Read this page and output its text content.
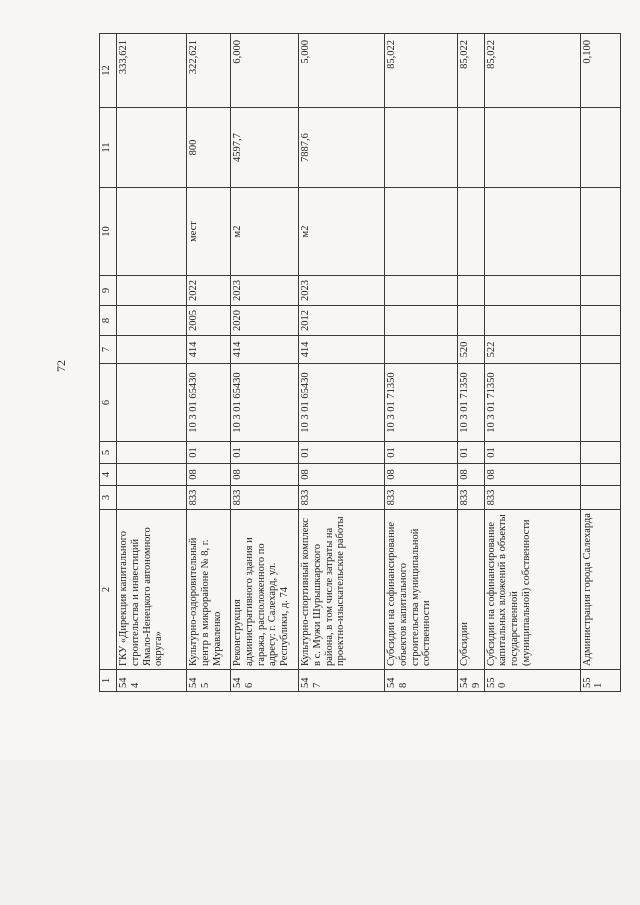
72
1	2	3	4	5	6	7	8	9	10	11	12
544	ГКУ «Дирекция капитального строительства и инвестиций Ямало-Ненецкого автономного округа»										333,621
545	Культурно-оздоровительный центр в микрорайоне № 8, г. Муравленко	833	08	01	10 3 01 65430	414	2005	2022	мест	800	322,621
546	Реконструкция административного здания и гаража, расположенного по адресу: г. Салехард, ул. Республики, д. 74	833	08	01	10 3 01 65430	414	2020	2023	м2	4597,7	6,000
547	Культурно-спортивный комплекс в с. Мужи Шурышкарского района, в том числе затраты на проектно-изыскательские работы	833	08	01	10 3 01 65430	414	2012	2023	м2	7887,6	5,000
548	Субсидии на софинансирование объектов капитального строительства муниципальной собственности	833	08	01	10 3 01 71350						85,022
549	Субсидии	833	08	01	10 3 01 71350	520					85,022
550	Субсидии на софинансирование капитальных вложений в объекты государственной (муниципальной) собственности	833	08	01	10 3 01 71350	522					85,022
551	Администрация города Салехарда										0,100
